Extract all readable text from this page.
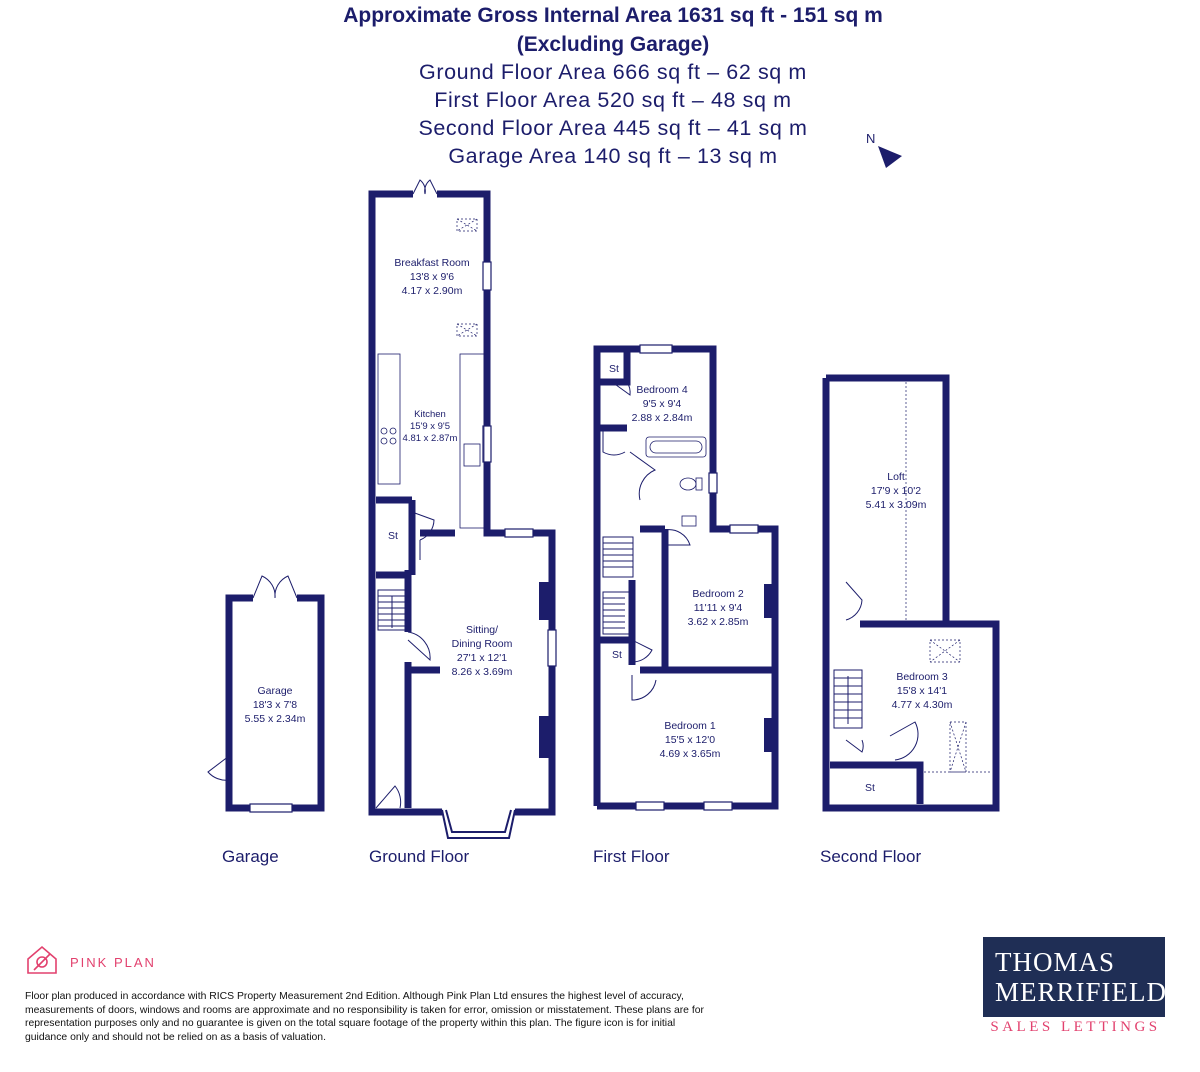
Approximate Gross Internal Area 1631 sq ft - 151 sq m
(Excluding Garage)
Ground Floor Area 666 sq ft – 62 sq m
First Floor Area 520 sq ft – 48 sq m
Second Floor Area 445 sq ft – 41 sq m
Garage Area 140 sq ft – 13 sq m
N
Breakfast Room
13'8 x 9'6
4.17 x 2.90m
Kitchen
15'9 x 9'5
4.81 x 2.87m
St
Sitting/
Dining Room
27'1 x 12'1
8.26 x 3.69m
Garage
18'3 x 7'8
5.55 x 2.34m
St
Bedroom 4
9'5 x 9'4
2.88 x 2.84m
Bedroom 2
11'11 x 9'4
3.62 x 2.85m
St
Bedroom 1
15'5 x 12'0
4.69 x 3.65m
Loft
17'9 x 10'2
5.41 x 3.09m
Bedroom 3
15'8 x 14'1
4.77 x 4.30m
St
Garage	Ground Floor	First Floor	Second Floor
PINK PLAN
Floor plan produced in accordance with RICS Property Measurement 2nd Edition. Although Pink Plan Ltd ensures the highest level of accuracy, measurements of doors, windows and rooms are approximate and no responsibility is taken for error, omission or misstatement. These plans are for representation purposes only and no guarantee is given on the total square footage of the property within this plan. The figure icon is for initial guidance only and should not be relied on as a basis of valuation.
THOMAS
MERRIFIELD
SALES LETTINGS
